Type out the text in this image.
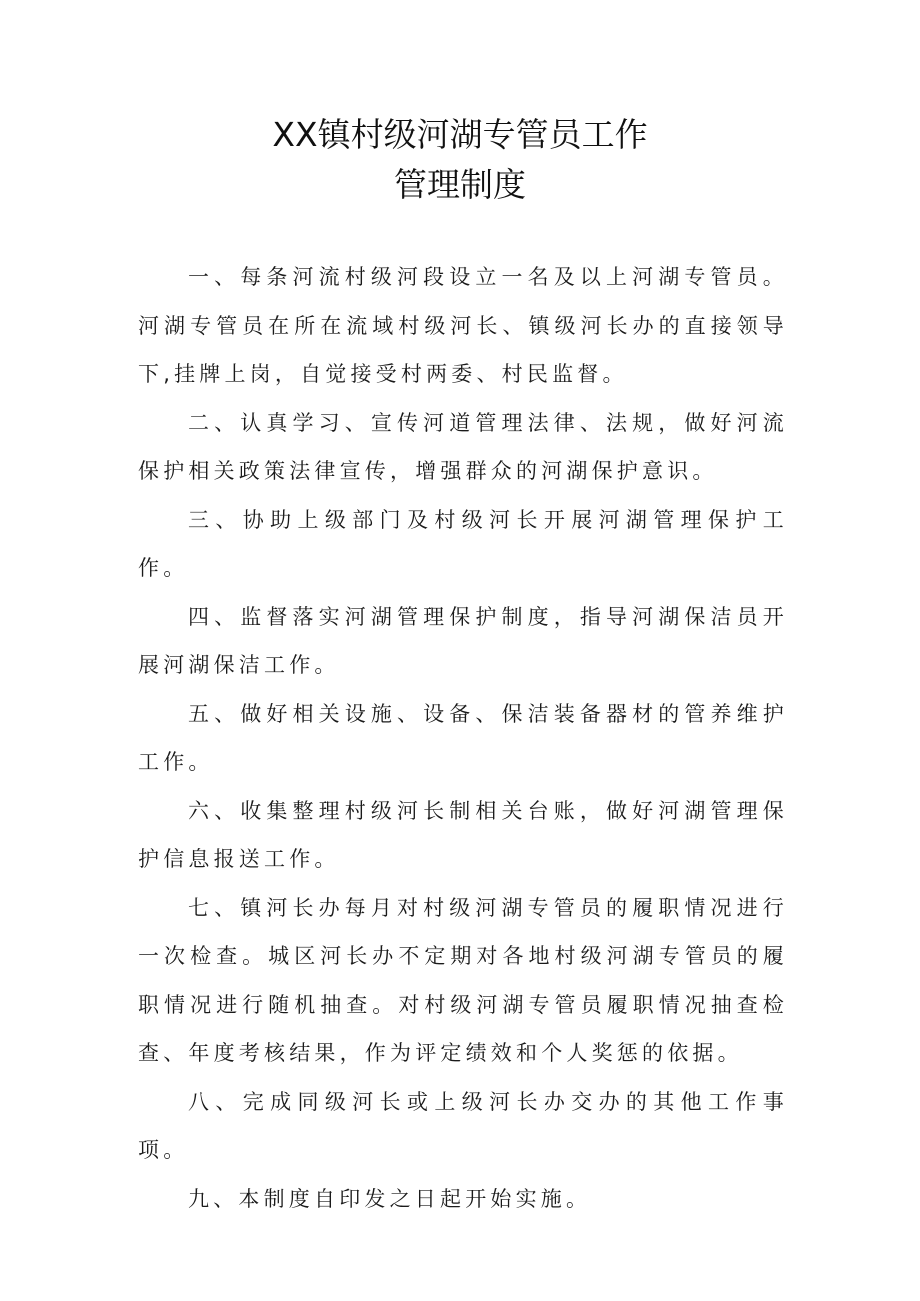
XX镇村级河湖专管员工作
管理制度

一、每条河流村级河段设立一名及以上河湖专管员。河湖专管员在所在流域村级河长、镇级河长办的直接领导下,挂牌上岗，自觉接受村两委、村民监督。

二、认真学习、宣传河道管理法律、法规，做好河流保护相关政策法律宣传，增强群众的河湖保护意识。

三、协助上级部门及村级河长开展河湖管理保护工作。

四、监督落实河湖管理保护制度，指导河湖保洁员开展河湖保洁工作。

五、做好相关设施、设备、保洁装备器材的管养维护工作。

六、收集整理村级河长制相关台账，做好河湖管理保护信息报送工作。

七、镇河长办每月对村级河湖专管员的履职情况进行一次检查。城区河长办不定期对各地村级河湖专管员的履职情况进行随机抽查。对村级河湖专管员履职情况抽查检查、年度考核结果，作为评定绩效和个人奖惩的依据。

八、完成同级河长或上级河长办交办的其他工作事项。

九、本制度自印发之日起开始实施。
